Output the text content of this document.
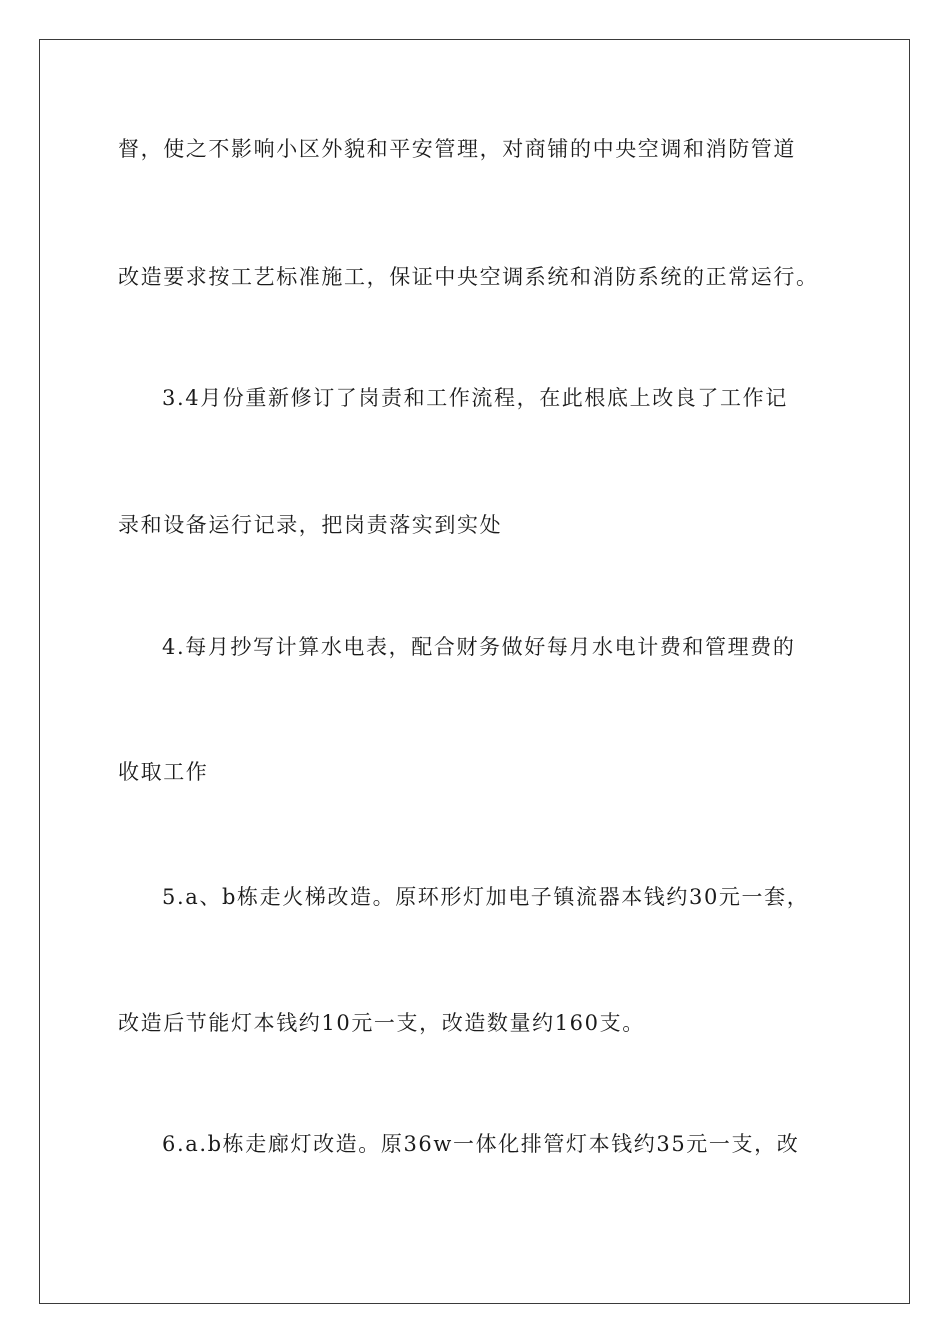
督，使之不影响小区外貌和平安管理，对商铺的中央空调和消防管道
改造要求按工艺标准施工，保证中央空调系统和消防系统的正常运行。
3.4月份重新修订了岗责和工作流程，在此根底上改良了工作记
录和设备运行记录，把岗责落实到实处
4.每月抄写计算水电表，配合财务做好每月水电计费和管理费的
收取工作
5.a、b栋走火梯改造。原环形灯加电子镇流器本钱约30元一套，
改造后节能灯本钱约10元一支，改造数量约160支。
6.a.b栋走廊灯改造。原36w一体化排管灯本钱约35元一支，改
